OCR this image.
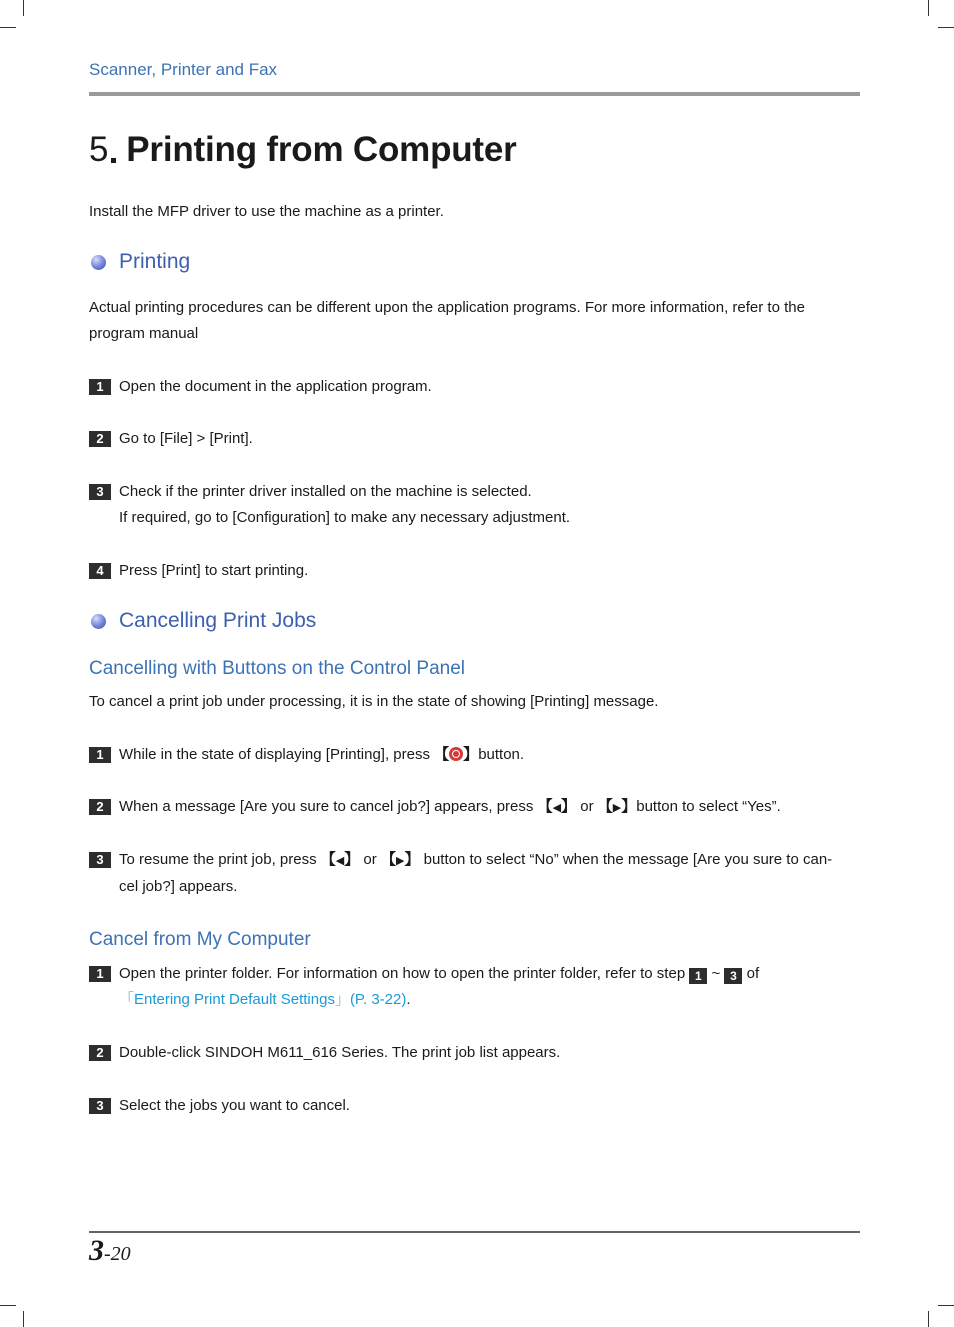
Scanner, Printer and Fax
5 Printing from Computer
Install the MFP driver to use the machine as a printer.
Printing
Actual printing procedures can be different upon the application programs. For more information, refer to the
program manual
1	Open the document in the application program.
2	Go to [File] > [Print].
3	Check if the printer driver installed on the machine is selected.
If required, go to [Configuration] to make any necessary adjustment.
4	Press [Print] to start printing.
Cancelling Print Jobs
Cancelling with Buttons on the Control Panel
To cancel a print job under processing, it is in the state of showing [Printing] message.
1	While in the state of displaying [Printing], press 【 】button.
2	When a message [Are you sure to cancel job?] appears, press 【◀】 or 【▶】button to select “Yes”.
3	To resume the print job, press 【◀】 or 【▶】 button to select “No” when the message [Are you sure to can-
cel job?] appears.
Cancel from My Computer
1	Open the printer folder. For information on how to open the printer folder, refer to step 1 ~ 3 of
「Entering Print Default Settings」(P. 3-22).
2	Double-click SINDOH M611_616 Series. The print job list appears.
3	Select the jobs you want to cancel.
3-20
